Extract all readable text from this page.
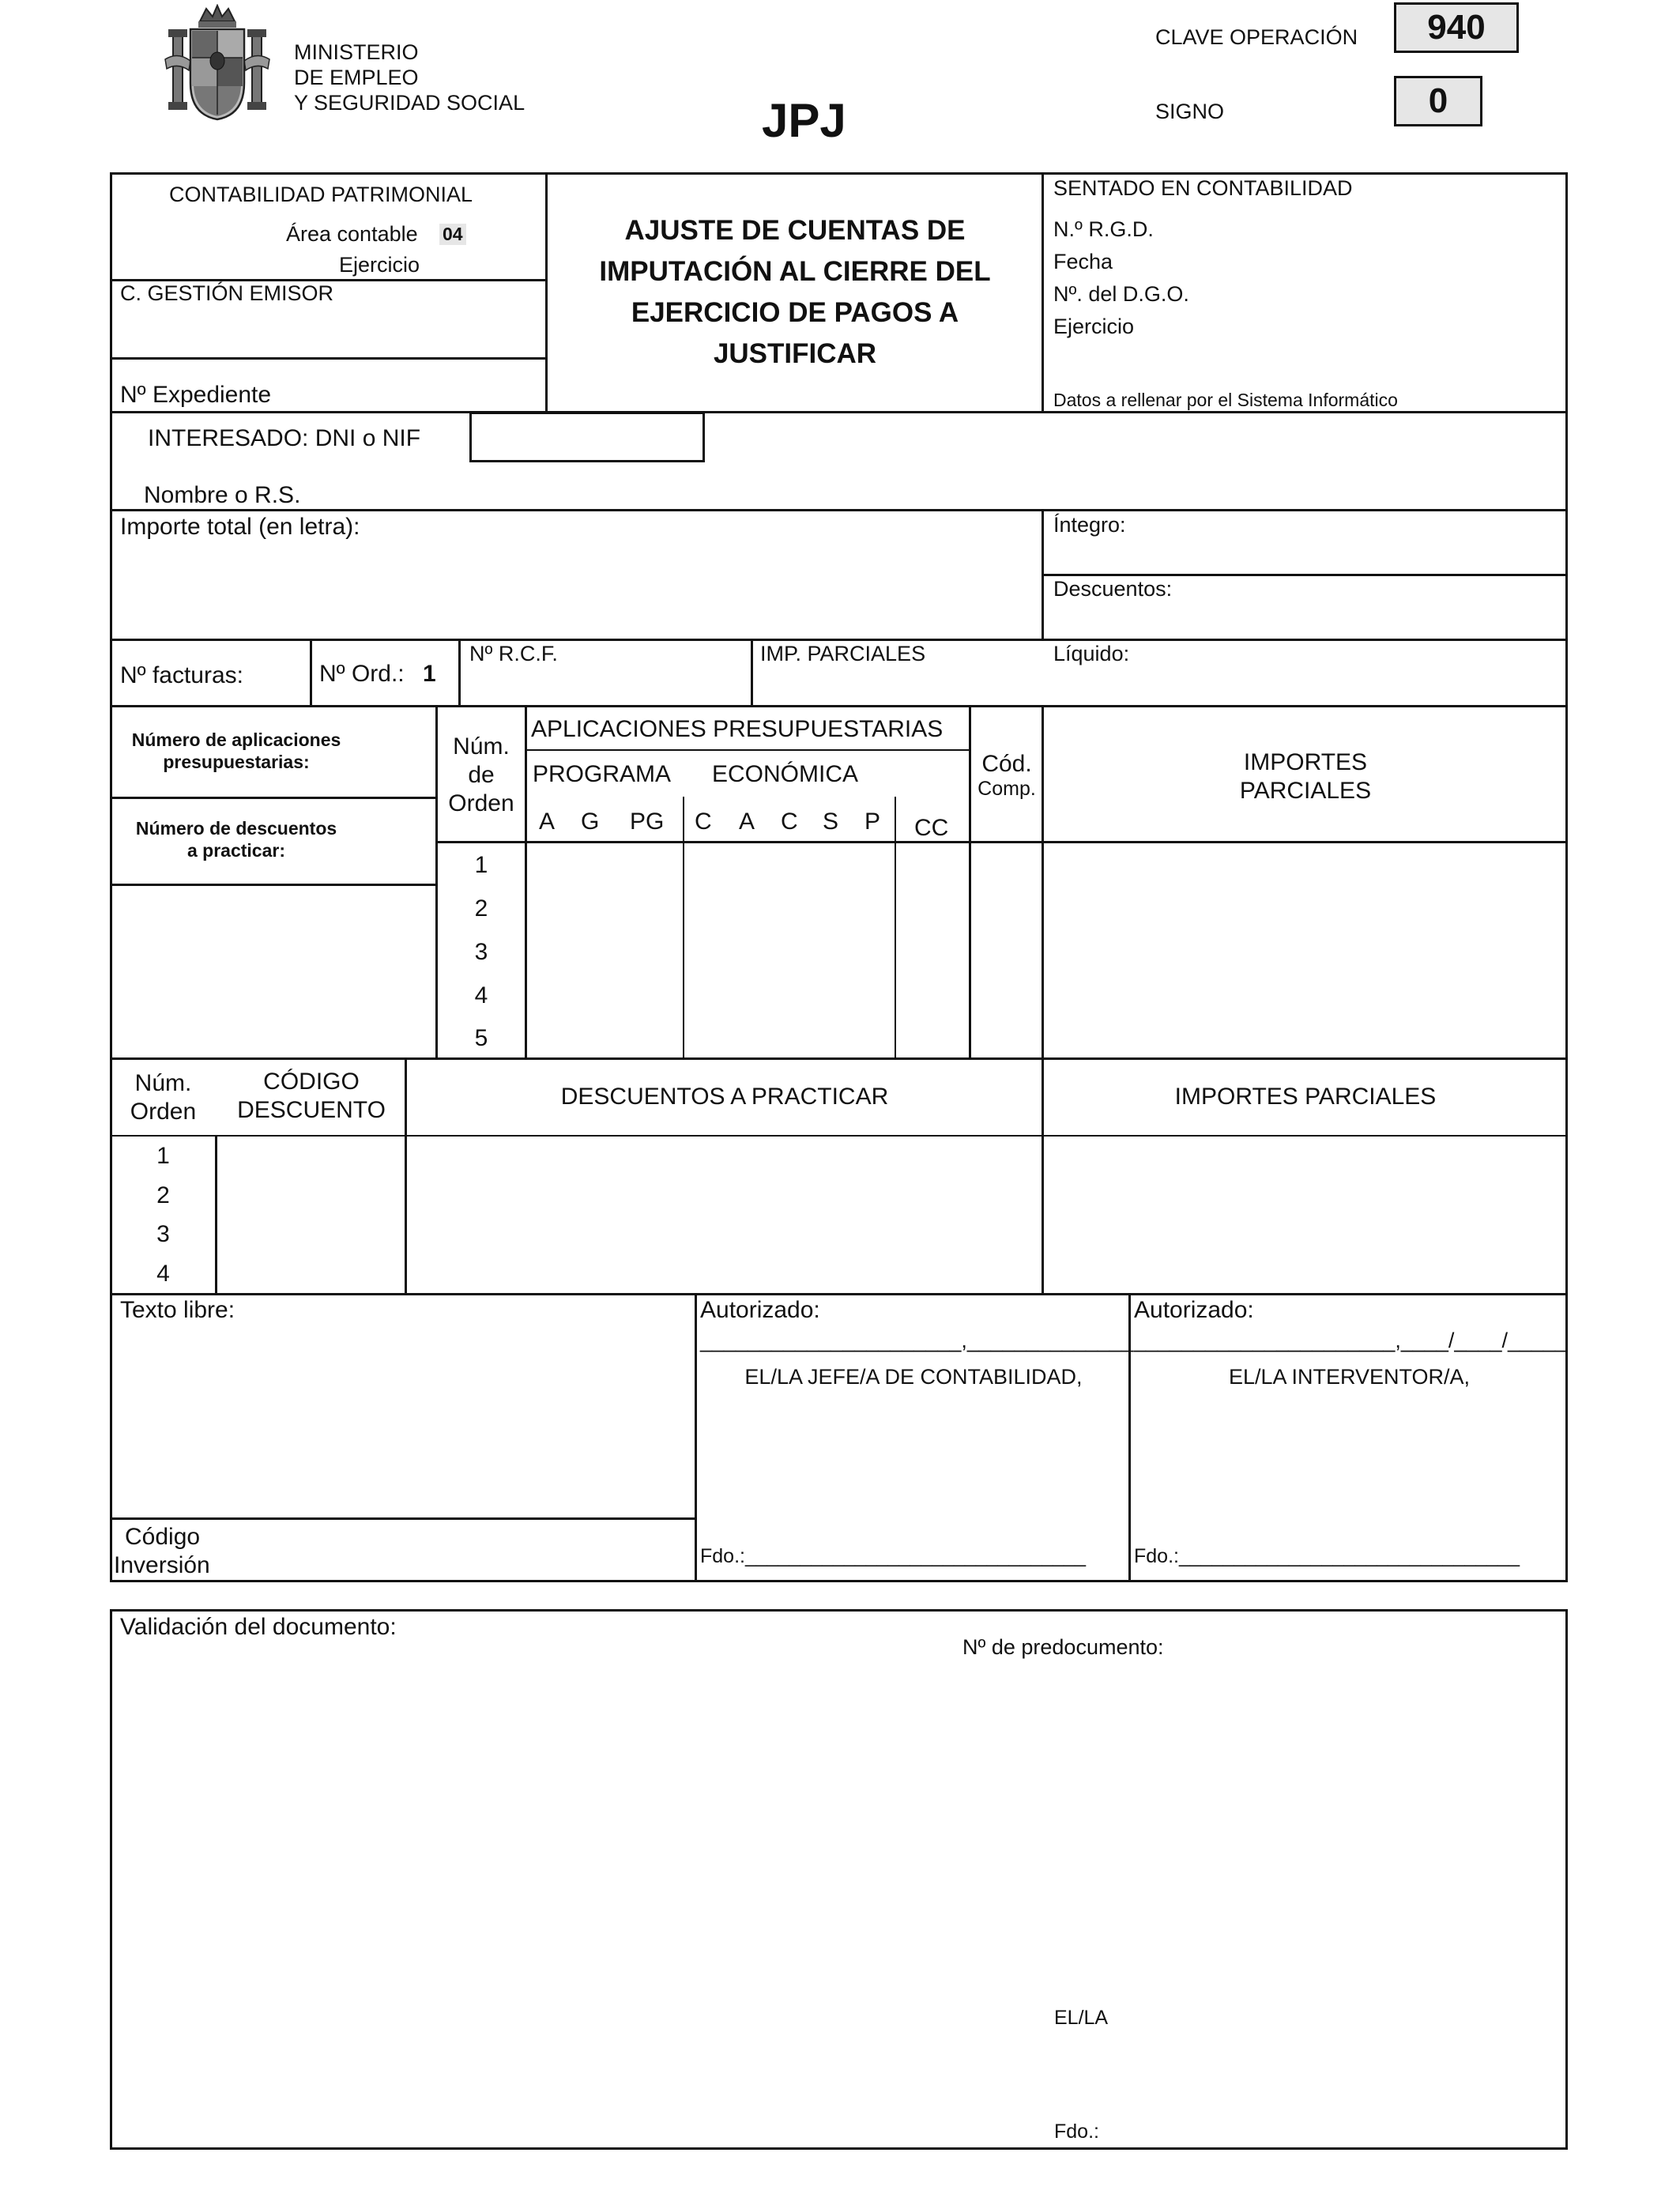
MINISTERIO
DE EMPLEO
Y SEGURIDAD SOCIAL	JPJ
CLAVE OPERACIÓN	940
SIGNO	0
CONTABILIDAD PATRIMONIAL
Área contable 04
Ejercicio
C. GESTIÓN EMISOR
Nº Expediente
AJUSTE DE CUENTAS DE
IMPUTACIÓN AL CIERRE DEL
EJERCICIO DE PAGOS A
JUSTIFICAR
SENTADO EN CONTABILIDAD
N.º R.G.D.
Fecha
Nº. del D.G.O.
Ejercicio
Datos a rellenar por el Sistema Informático
INTERESADO: DNI o NIF
Nombre o R.S.
Importe total (en letra):	Íntegro:
Descuentos:
Líquido:
Nº facturas:	Nº Ord.: 1
Nº R.C.F.	IMP. PARCIALES
Número de aplicaciones
presupuestarias:
Número de descuentos
a practicar:
Núm.
de
Orden
APLICACIONES PRESUPUESTARIAS
PROGRAMA ECONÓMICA
A G PG C A C S P CC
Cód.
Comp.
IMPORTES
PARCIALES
1
2
3
4
5
Núm.
Orden
CÓDIGO
DESCUENTO
DESCUENTOS A PRACTICAR	IMPORTES PARCIALES
1
2
3
4
Texto libre:
Código
Inversión
Autorizado:
______________________,______________
EL/LA JEFE/A DE CONTABILIDAD,
Fdo.:_______________________________
Autorizado:
______________________,____/____/_____
EL/LA INTERVENTOR/A,
Fdo.:_______________________________
Validación del documento:
Nº de predocumento:
EL/LA
Fdo.:
